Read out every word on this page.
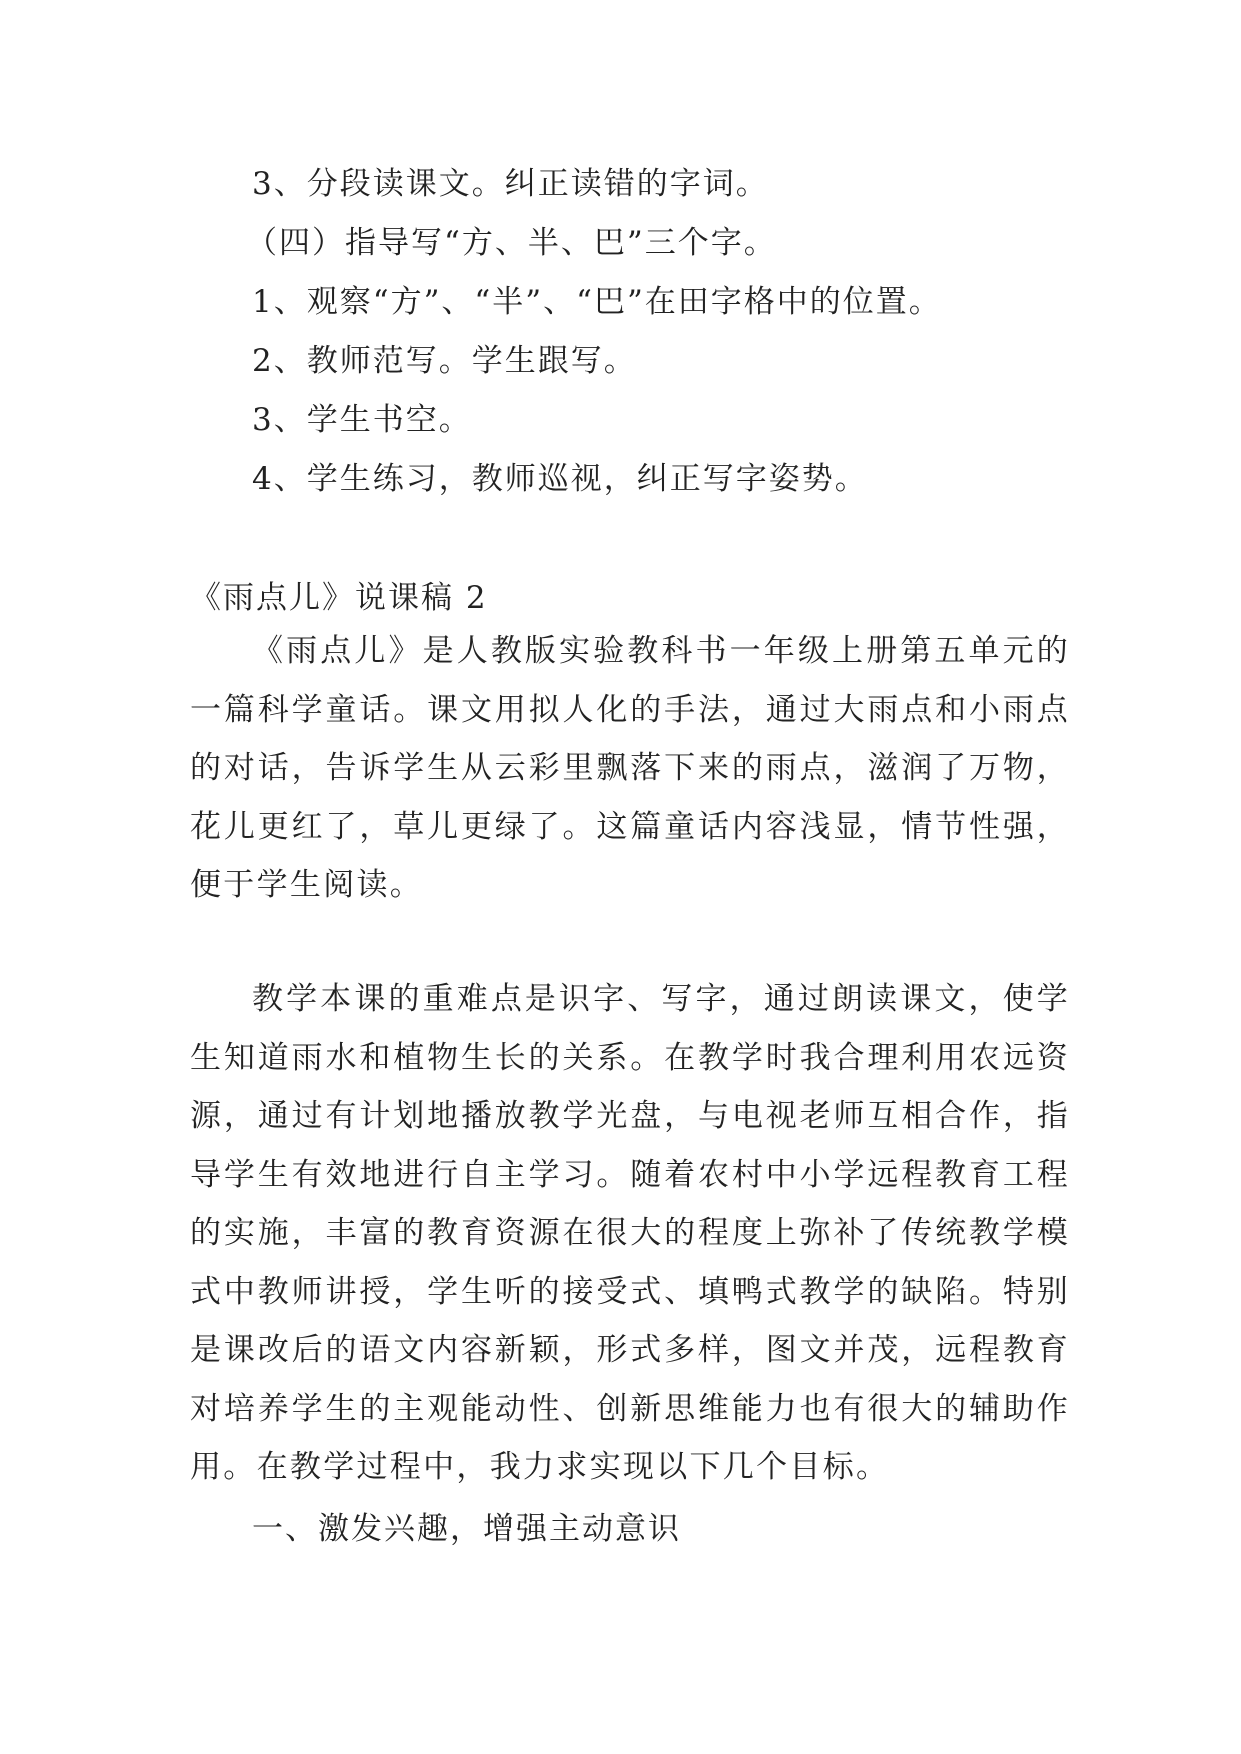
3、分段读课文。纠正读错的字词。
（四）指导写“方、半、巴”三个字。
1、观察“方”、“半”、“巴”在田字格中的位置。
2、教师范写。学生跟写。
3、学生书空。
4、学生练习，教师巡视，纠正写字姿势。
《雨点儿》说课稿 2

《雨点儿》是人教版实验教科书一年级上册第五单元的一篇科学童话。课文用拟人化的手法，通过大雨点和小雨点的对话，告诉学生从云彩里飘落下来的雨点，滋润了万物，花儿更红了，草儿更绿了。这篇童话内容浅显，情节性强，便于学生阅读。

教学本课的重难点是识字、写字，通过朗读课文，使学生知道雨水和植物生长的关系。在教学时我合理利用农远资源，通过有计划地播放教学光盘，与电视老师互相合作，指导学生有效地进行自主学习。随着农村中小学远程教育工程的实施，丰富的教育资源在很大的程度上弥补了传统教学模式中教师讲授，学生听的接受式、填鸭式教学的缺陷。特别是课改后的语文内容新颖，形式多样，图文并茂，远程教育对培养学生的主观能动性、创新思维能力也有很大的辅助作用。在教学过程中，我力求实现以下几个目标。

一、激发兴趣，增强主动意识
